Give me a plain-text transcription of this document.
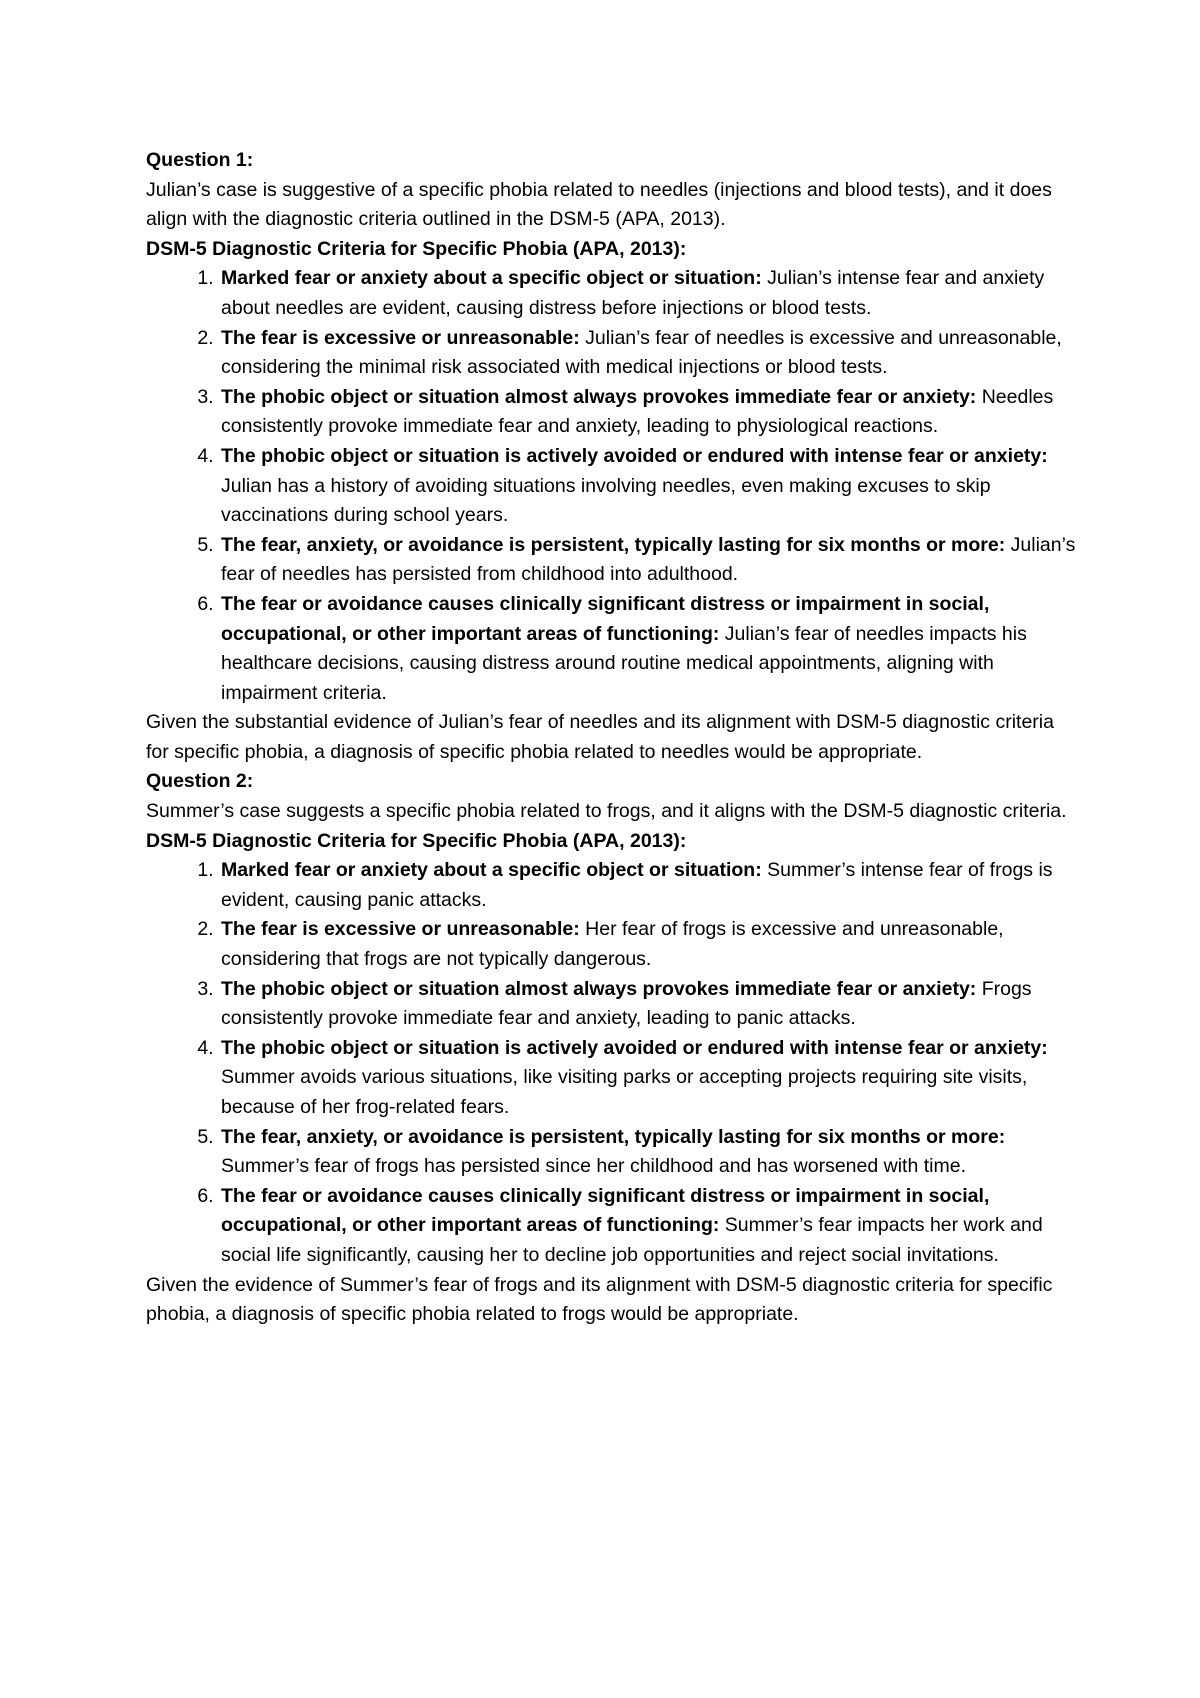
Question 1:

Julian’s case is suggestive of a specific phobia related to needles (injections and blood tests), and it does align with the diagnostic criteria outlined in the DSM-5 (APA, 2013).

DSM-5 Diagnostic Criteria for Specific Phobia (APA, 2013):

1. Marked fear or anxiety about a specific object or situation: Julian’s intense fear and anxiety about needles are evident, causing distress before injections or blood tests.
2. The fear is excessive or unreasonable: Julian’s fear of needles is excessive and unreasonable, considering the minimal risk associated with medical injections or blood tests.
3. The phobic object or situation almost always provokes immediate fear or anxiety: Needles consistently provoke immediate fear and anxiety, leading to physiological reactions.
4. The phobic object or situation is actively avoided or endured with intense fear or anxiety: Julian has a history of avoiding situations involving needles, even making excuses to skip vaccinations during school years.
5. The fear, anxiety, or avoidance is persistent, typically lasting for six months or more: Julian’s fear of needles has persisted from childhood into adulthood.
6. The fear or avoidance causes clinically significant distress or impairment in social, occupational, or other important areas of functioning: Julian’s fear of needles impacts his healthcare decisions, causing distress around routine medical appointments, aligning with impairment criteria.

Given the substantial evidence of Julian’s fear of needles and its alignment with DSM-5 diagnostic criteria for specific phobia, a diagnosis of specific phobia related to needles would be appropriate.

Question 2:

Summer’s case suggests a specific phobia related to frogs, and it aligns with the DSM-5 diagnostic criteria.

DSM-5 Diagnostic Criteria for Specific Phobia (APA, 2013):

1. Marked fear or anxiety about a specific object or situation: Summer’s intense fear of frogs is evident, causing panic attacks.
2. The fear is excessive or unreasonable: Her fear of frogs is excessive and unreasonable, considering that frogs are not typically dangerous.
3. The phobic object or situation almost always provokes immediate fear or anxiety: Frogs consistently provoke immediate fear and anxiety, leading to panic attacks.
4. The phobic object or situation is actively avoided or endured with intense fear or anxiety: Summer avoids various situations, like visiting parks or accepting projects requiring site visits, because of her frog-related fears.
5. The fear, anxiety, or avoidance is persistent, typically lasting for six months or more: Summer’s fear of frogs has persisted since her childhood and has worsened with time.
6. The fear or avoidance causes clinically significant distress or impairment in social, occupational, or other important areas of functioning: Summer’s fear impacts her work and social life significantly, causing her to decline job opportunities and reject social invitations.

Given the evidence of Summer’s fear of frogs and its alignment with DSM-5 diagnostic criteria for specific phobia, a diagnosis of specific phobia related to frogs would be appropriate.
